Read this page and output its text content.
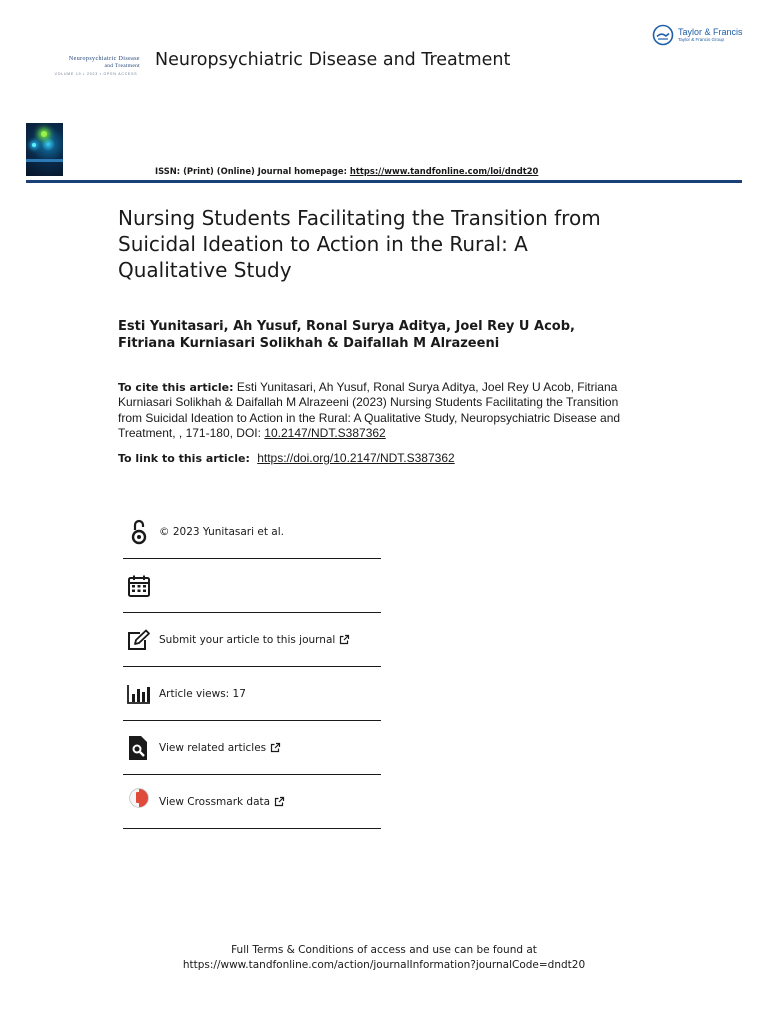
Taylor & Francis
Taylor & Francis Group
Neuropsychiatric Disease
and Treatment
VOLUME 19 • 2023 • OPEN ACCESS
Neuropsychiatric Disease and Treatment
ISSN: (Print) (Online) Journal homepage: https://www.tandfonline.com/loi/dndt20
Nursing Students Facilitating the Transition from Suicidal Ideation to Action in the Rural: A Qualitative Study
Esti Yunitasari, Ah Yusuf, Ronal Surya Aditya, Joel Rey U Acob, Fitriana Kurniasari Solikhah & Daifallah M Alrazeeni
To cite this article: Esti Yunitasari, Ah Yusuf, Ronal Surya Aditya, Joel Rey U Acob, Fitriana Kurniasari Solikhah & Daifallah M Alrazeeni (2023) Nursing Students Facilitating the Transition from Suicidal Ideation to Action in the Rural: A Qualitative Study, Neuropsychiatric Disease and Treatment, , 171-180, DOI: 10.2147/NDT.S387362
To link to this article: https://doi.org/10.2147/NDT.S387362
© 2023 Yunitasari et al.
Submit your article to this journal
Article views: 17
View related articles
View Crossmark data
Full Terms & Conditions of access and use can be found at
https://www.tandfonline.com/action/journalInformation?journalCode=dndt20
